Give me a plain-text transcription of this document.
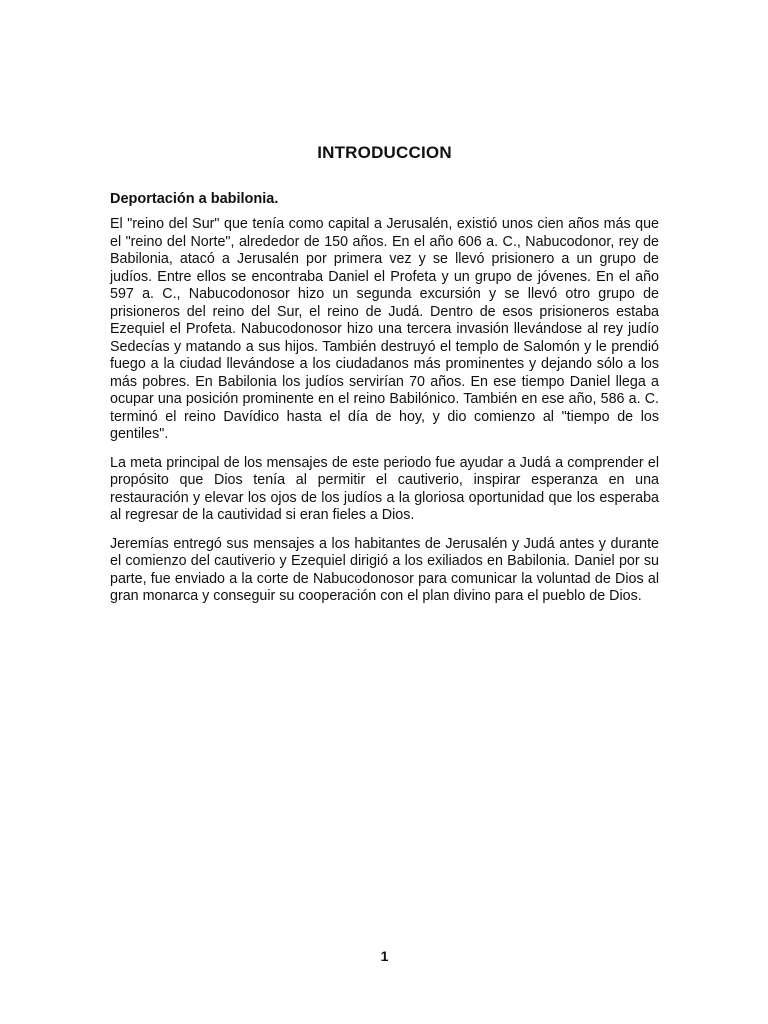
INTRODUCCION
Deportación a babilonia.

El "reino del Sur" que tenía como capital a Jerusalén, existió unos cien años más que el "reino del Norte", alrededor de 150 años. En el año 606 a. C., Nabucodonor, rey de Babilonia, atacó a Jerusalén por primera vez y se llevó prisionero a un grupo de judíos. Entre ellos se encontraba Daniel el Profeta y un grupo de jóvenes. En el año 597 a. C., Nabucodonosor hizo un segunda excursión y se llevó otro grupo de prisioneros del reino del Sur, el reino de Judá. Dentro de esos prisioneros estaba Ezequiel el Profeta. Nabucodonosor hizo una tercera invasión llevándose al rey judío Sedecías y matando a sus hijos. También destruyó el templo de Salomón y le prendió fuego a la ciudad llevándose a los ciudadanos más prominentes y dejando sólo a los más pobres. En Babilonia los judíos servirían 70 años. En ese tiempo Daniel llega a ocupar una posición prominente en el reino Babilónico. También en ese año, 586 a. C. terminó el reino Davídico hasta el día de hoy, y dio comienzo al "tiempo de los gentiles".

La meta principal de los mensajes de este periodo fue ayudar a Judá a comprender el propósito que Dios tenía al permitir el cautiverio, inspirar esperanza en una restauración y elevar los ojos de los judíos a la gloriosa oportunidad que los esperaba al regresar de la cautividad si eran fieles a Dios.

Jeremías entregó sus mensajes a los habitantes de Jerusalén y Judá antes y durante el comienzo del cautiverio y Ezequiel dirigió a los exiliados en Babilonia. Daniel por su parte, fue enviado a la corte de Nabucodonosor para comunicar la voluntad de Dios al gran monarca y conseguir su cooperación con el plan divino para el pueblo de Dios.

1
